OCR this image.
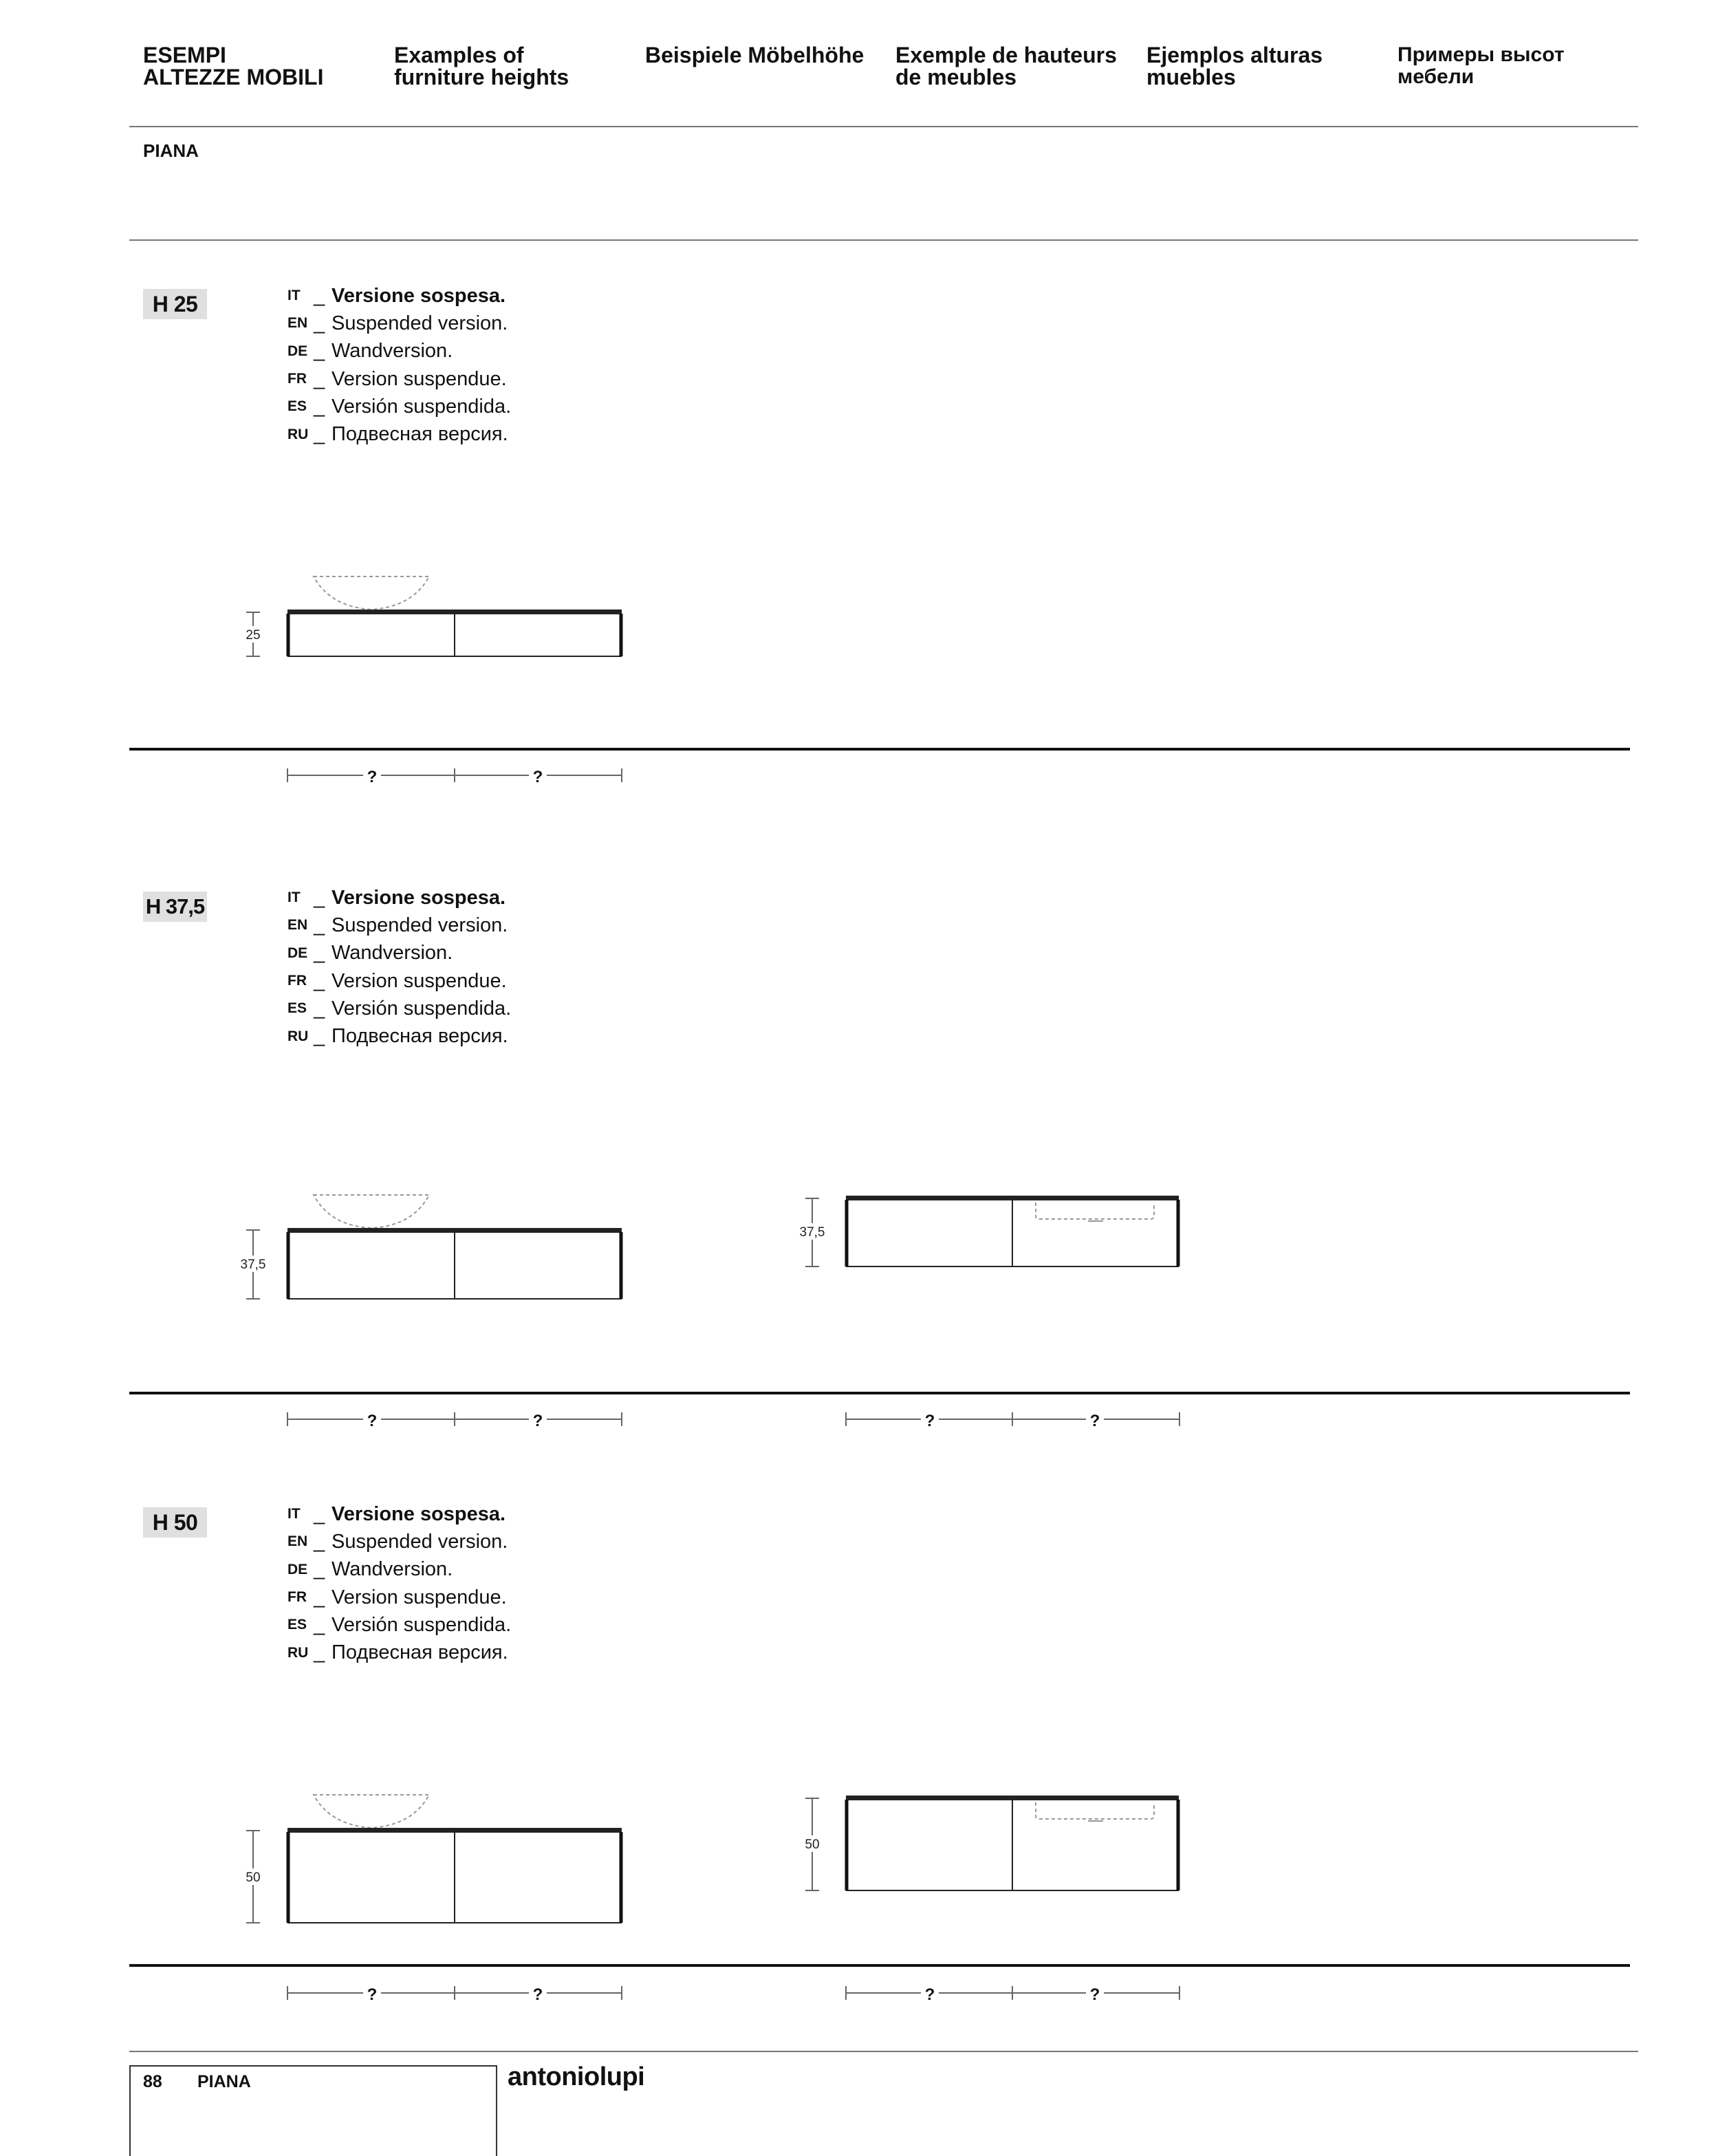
ESEMPI
ALTEZZE MOBILI
Examples of
furniture heights
Beispiele Möbelhöhe Exemple de hauteurs
de meubles
Ejemplos alturas
muebles
Примеры высот
мебели
PIANA
H 25	IT _ Versione sospesa.
EN _ Suspended version.
DE _ Wandversion.
FR _ Version suspendue.
ES _ Versión suspendida.
RU _ Подвесная версия.
H 37,5	IT _ Versione sospesa.
EN _ Suspended version.
DE _ Wandversion.
FR _ Version suspendue.
ES _ Versión suspendida.
RU _ Подвесная версия.
H 50	IT _ Versione sospesa.
EN _ Suspended version.
DE _ Wandversion.
FR _ Version suspendue.
ES _ Versión suspendida.
RU _ Подвесная версия.
25
?	?
37,5
37,5
?	?	?	?
50
50
?	?	?	?
88 PIANA	antoniolupi
